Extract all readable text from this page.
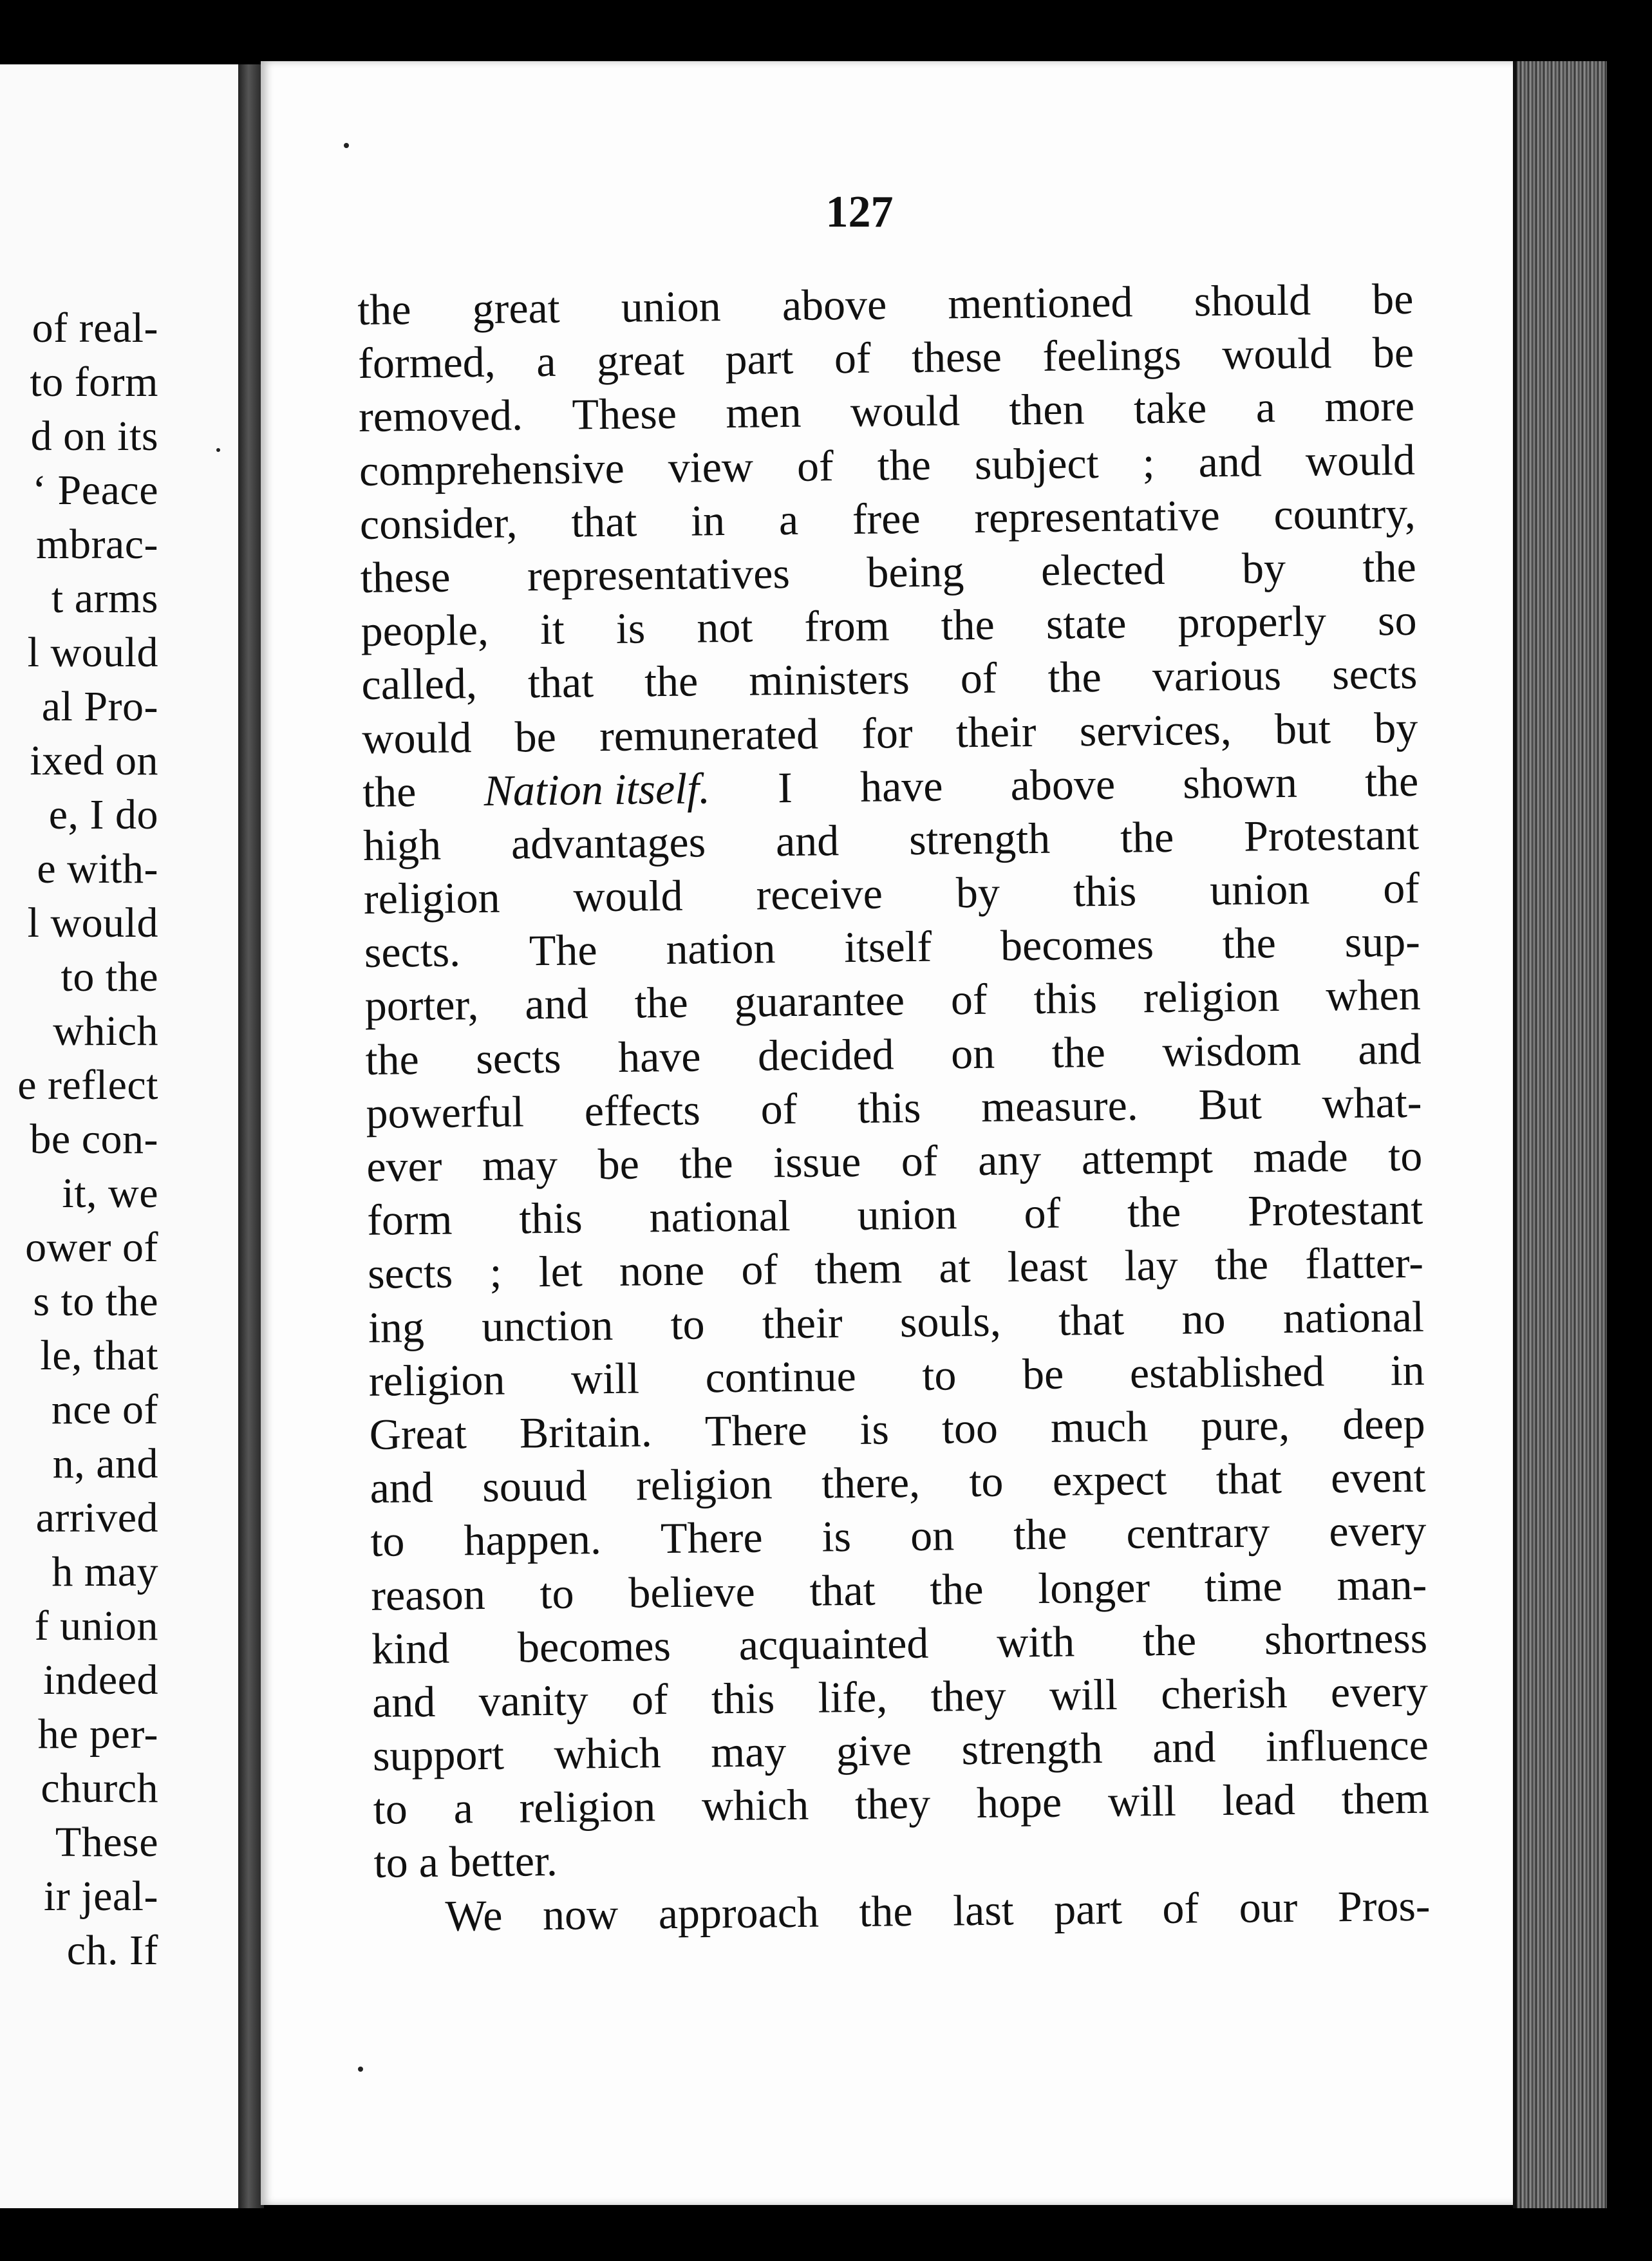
of real-
to form
d on its
‘ Peace
mbrac-
t arms
l would
al Pro-
ixed on
e, I do
e with-
l would
to the
which
e reflect
be con-
it, we
ower of
s to the
le, that
nce of
n, and
arrived
h may
f union
indeed
he per-
church
These
ir jeal-
ch. If

127

the great union above mentioned should be
formed, a great part of these feelings would be
removed. These men would then take a more
comprehensive view of the subject ; and would
consider, that in a free representative country,
these representatives being elected by the
people, it is not from the state properly so
called, that the ministers of the various sects
would be remunerated for their services, but by
the Nation itself. I have above shown the
high advantages and strength the Protestant
religion would receive by this union of
sects. The nation itself becomes the sup-
porter, and the guarantee of this religion when
the sects have decided on the wisdom and
powerful effects of this measure. But what-
ever may be the issue of any attempt made to
form this national union of the Protestant
sects ; let none of them at least lay the flatter-
ing unction to their souls, that no national
religion will continue to be established in
Great Britain. There is too much pure, deep
and souud religion there, to expect that event
to happen. There is on the centrary every
reason to believe that the longer time man-
kind becomes acquainted with the shortness
and vanity of this life, they will cherish every
support which may give strength and influence
to a religion which they hope will lead them
to a better.
We now approach the last part of our Pros-
